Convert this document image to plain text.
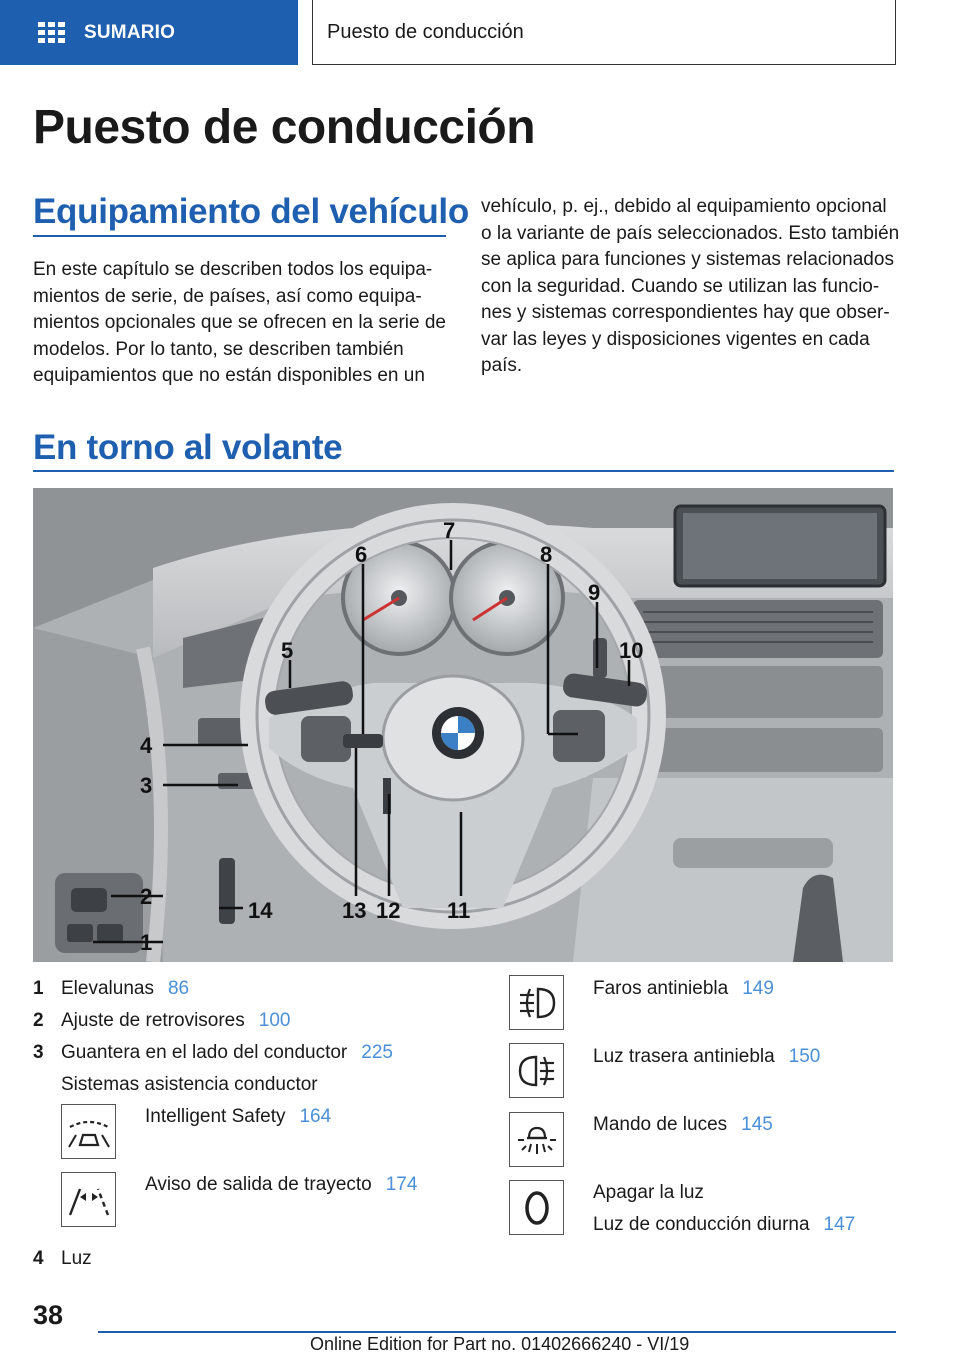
SUMARIO	Puesto de conducción
Puesto de conducción
Equipamiento del vehículo
En este capítulo se describen todos los equipa-
mientos de serie, de países, así como equipa-
mientos opcionales que se ofrecen en la serie de
modelos. Por lo tanto, se describen también
equipamientos que no están disponibles en un
vehículo, p. ej., debido al equipamiento opcional
o la variante de país seleccionados. Esto también
se aplica para funciones y sistemas relacionados
con la seguridad. Cuando se utilizan las funcio-
nes y sistemas correspondientes hay que obser-
var las leyes y disposiciones vigentes en cada
país.
En torno al volante
2
1
3
4
5
6
7
8
9
10
11
12
13
14
1 Elevalunas 86
2 Ajuste de retrovisores 100
3 Guantera en el lado del conductor 225
Sistemas asistencia conductor
Intelligent Safety 164
Aviso de salida de trayecto 174
4 Luz
Faros antiniebla 149
Luz trasera antiniebla 150
Mando de luces 145
Apagar la luz
Luz de conducción diurna 147
38
Online Edition for Part no. 01402666240 - VI/19
